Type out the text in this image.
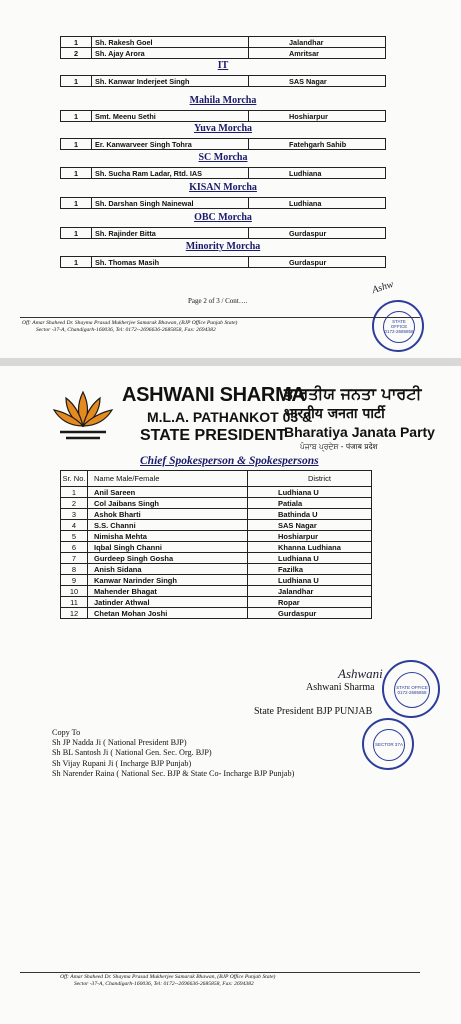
1	Sh. Rakesh Goel	Jalandhar
2	Sh. Ajay Arora	Amritsar
IT
1	Sh. Kanwar Inderjeet Singh	SAS Nagar
Mahila Morcha
1	Smt. Meenu Sethi	Hoshiarpur
Yuva Morcha
1	Er. Kanwarveer Singh Tohra	Fatehgarh Sahib
SC Morcha
1	Sh. Sucha Ram Ladar, Rtd. IAS	Ludhiana
KISAN Morcha
1	Sh. Darshan Singh Nainewal	Ludhiana
OBC Morcha
1	Sh. Rajinder Bitta	Gurdaspur
Minority Morcha
1	Sh. Thomas Masih	Gurdaspur
Page 2 of 3 / Cont….
STATE OFFICE
0172-2685858
Ashw
Off: Amar Shaheed Dr. Shayma Prasad Mukherjee Samarak Bhawan, (BJP Office Punjab State)
Sector -37-A, Chandigarh-160036, Tel: 0172--2696636-2685858, Fax: 2694382
ASHWANI SHARMA
M.L.A. PATHANKOT 03 &
STATE PRESIDENT
ਭਾਰਤੀਯ ਜਨਤਾ ਪਾਰਟੀ
भारतीय जनता पार्टी
Bharatiya Janata Party
ਪੰਜਾਬ ਪ੍ਰਦੇਸ਼ - पंजाब प्रदेश
Chief Spokesperson & Spokespersons
Sr. No.	Name Male/Female	District
1	Anil Sareen	Ludhiana U
2	Col Jaibans Singh	Patiala
3	Ashok Bharti	Bathinda U
4	S.S. Channi	SAS Nagar
5	Nimisha Mehta	Hoshiarpur
6	Iqbal Singh Channi	Khanna Ludhiana
7	Gurdeep Singh Gosha	Ludhiana U
8	Anish Sidana	Fazilka
9	Kanwar Narinder Singh	Ludhiana U
10	Mahender Bhagat	Jalandhar
11	Jatinder Athwal	Ropar
12	Chetan Mohan Joshi	Gurdaspur
Ashwani
Ashwani Sharma
State President BJP PUNJAB
STATE OFFICE
0172-2685858
SECTOR 37A
Copy To
Sh JP Nadda Ji ( National President BJP)
Sh BL Santosh Ji ( National Gen. Sec. Org. BJP)
Sh Vijay Rupani Ji ( Incharge BJP Punjab)
Sh Narender Raina ( National Sec. BJP & State Co- Incharge BJP Punjab)
Off: Amar Shaheed Dr. Shayma Prasad Mukherjee Samarak Bhawan, (BJP Office Punjab State)
Sector -37-A, Chandigarh-160036, Tel: 0172--2696636-2685858, Fax: 2694382
